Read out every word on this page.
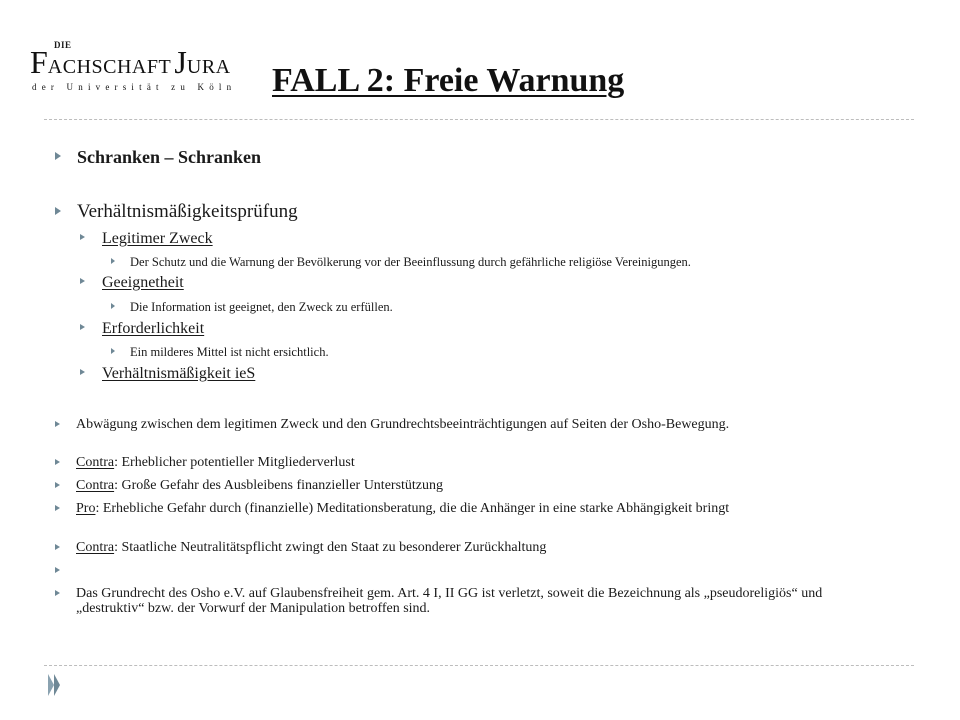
DIE
FACHSCHAFT  JURA
der Universität zu Köln FALL 2: Freie Warnung
Schranken – Schranken
Verhältnismäßigkeitsprüfung
Legitimer Zweck
Der Schutz und die Warnung der Bevölkerung vor der Beeinflussung durch gefährliche religiöse Vereinigungen.
Geeignetheit
Die Information ist geeignet, den Zweck zu erfüllen.
Erforderlichkeit
Ein milderes Mittel ist nicht ersichtlich.
Verhältnismäßigkeit ieS
Abwägung zwischen dem legitimen Zweck und den Grundrechtsbeeinträchtigungen auf Seiten der Osho-Bewegung.
Contra: Erheblicher potentieller Mitgliederverlust
Contra: Große Gefahr des Ausbleibens finanzieller Unterstützung
Pro: Erhebliche Gefahr durch (finanzielle) Meditationsberatung, die die Anhänger in eine starke Abhängigkeit bringt
Contra: Staatliche Neutralitätspflicht zwingt den Staat zu besonderer Zurückhaltung
Das Grundrecht des Osho e.V. auf Glaubensfreiheit gem. Art. 4 I, II GG ist verletzt, soweit die Bezeichnung als „pseudoreligiös“ und „destruktiv“ bzw. der Vorwurf der Manipulation betroffen sind.
